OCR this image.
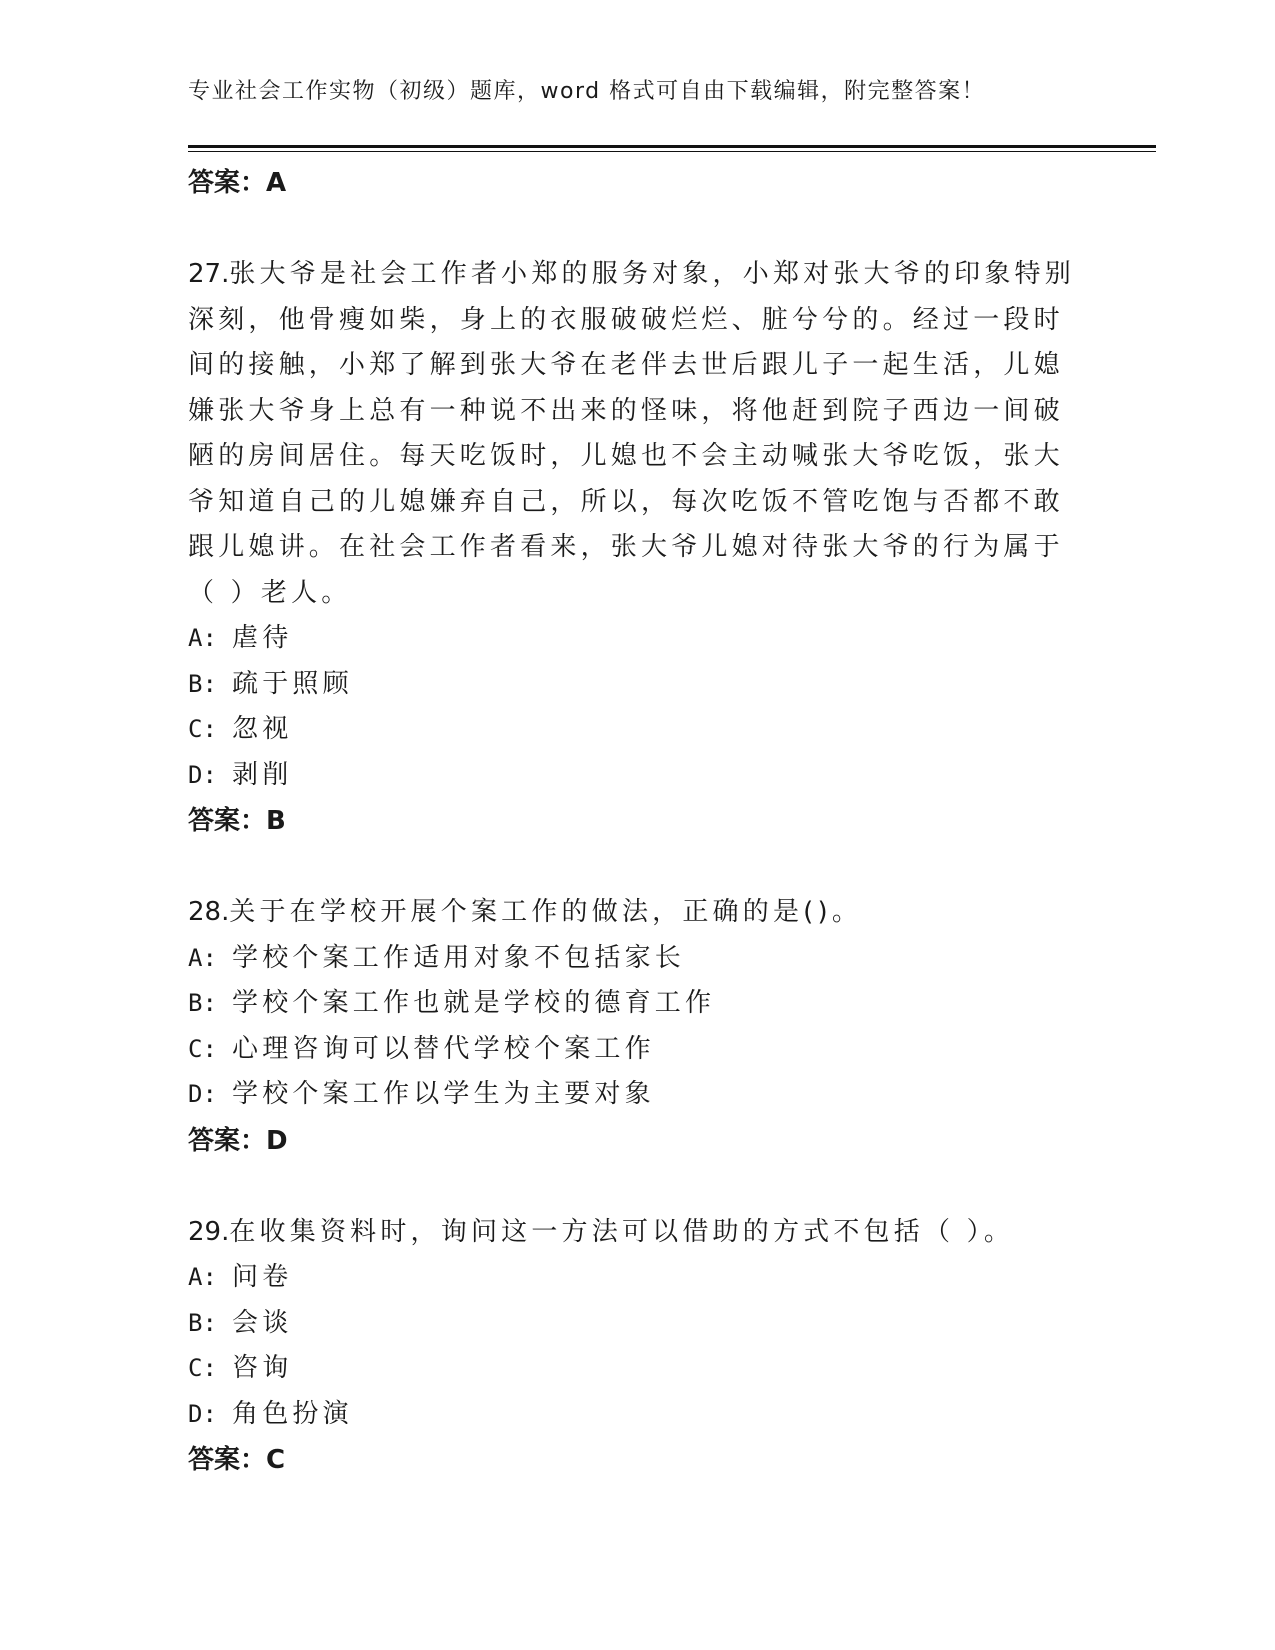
专业社会工作实物（初级）题库，word 格式可自由下载编辑，附完整答案！
答案：A

27.张大爷是社会工作者小郑的服务对象，小郑对张大爷的印象特别深刻，他骨瘦如柴，身上的衣服破破烂烂、脏兮兮的。经过一段时间的接触，小郑了解到张大爷在老伴去世后跟儿子一起生活，儿媳嫌张大爷身上总有一种说不出来的怪味，将他赶到院子西边一间破陋的房间居住。每天吃饭时，儿媳也不会主动喊张大爷吃饭，张大爷知道自己的儿媳嫌弃自己，所以，每次吃饭不管吃饱与否都不敢跟儿媳讲。在社会工作者看来，张大爷儿媳对待张大爷的行为属于（ ）老人。

A: 虐待
B: 疏于照顾
C: 忽视
D: 剥削
答案：B

28.关于在学校开展个案工作的做法，正确的是()。

A: 学校个案工作适用对象不包括家长
B: 学校个案工作也就是学校的德育工作
C: 心理咨询可以替代学校个案工作
D: 学校个案工作以学生为主要对象
答案：D

29.在收集资料时，询问这一方法可以借助的方式不包括（ ）。

A: 问卷
B: 会谈
C: 咨询
D: 角色扮演
答案：C
